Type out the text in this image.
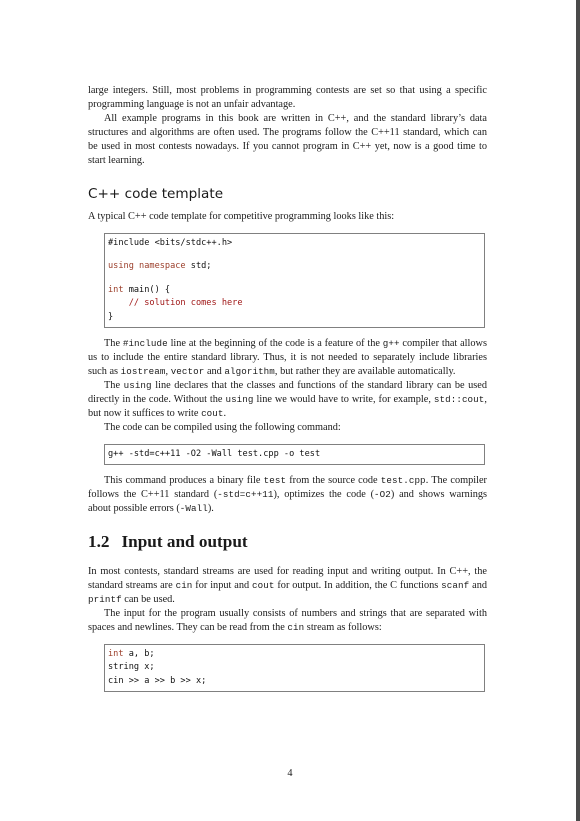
large integers. Still, most problems in programming contests are set so that using a specific programming language is not an unfair advantage.

All example programs in this book are written in C++, and the standard library’s data structures and algorithms are often used. The programs follow the C++11 standard, which can be used in most contests nowadays. If you cannot program in C++ yet, now is a good time to start learning.

C++ code template

A typical C++ code template for competitive programming looks like this:

#include <bits/stdc++.h>
using namespace std;
int main() {
// solution comes here
}

The #include line at the beginning of the code is a feature of the g++ compiler that allows us to include the entire standard library. Thus, it is not needed to separately include libraries such as iostream, vector and algorithm, but rather they are available automatically.

The using line declares that the classes and functions of the standard library can be used directly in the code. Without the using line we would have to write, for example, std::cout, but now it suffices to write cout.

The code can be compiled using the following command:

g++ -std=c++11 -O2 -Wall test.cpp -o test

This command produces a binary file test from the source code test.cpp. The compiler follows the C++11 standard (-std=c++11), optimizes the code (-O2) and shows warnings about possible errors (-Wall).

1.2 Input and output

In most contests, standard streams are used for reading input and writing output. In C++, the standard streams are cin for input and cout for output. In addition, the C functions scanf and printf can be used.

The input for the program usually consists of numbers and strings that are separated with spaces and newlines. They can be read from the cin stream as follows:

int a, b;
string x;
cin >> a >> b >> x;
4
